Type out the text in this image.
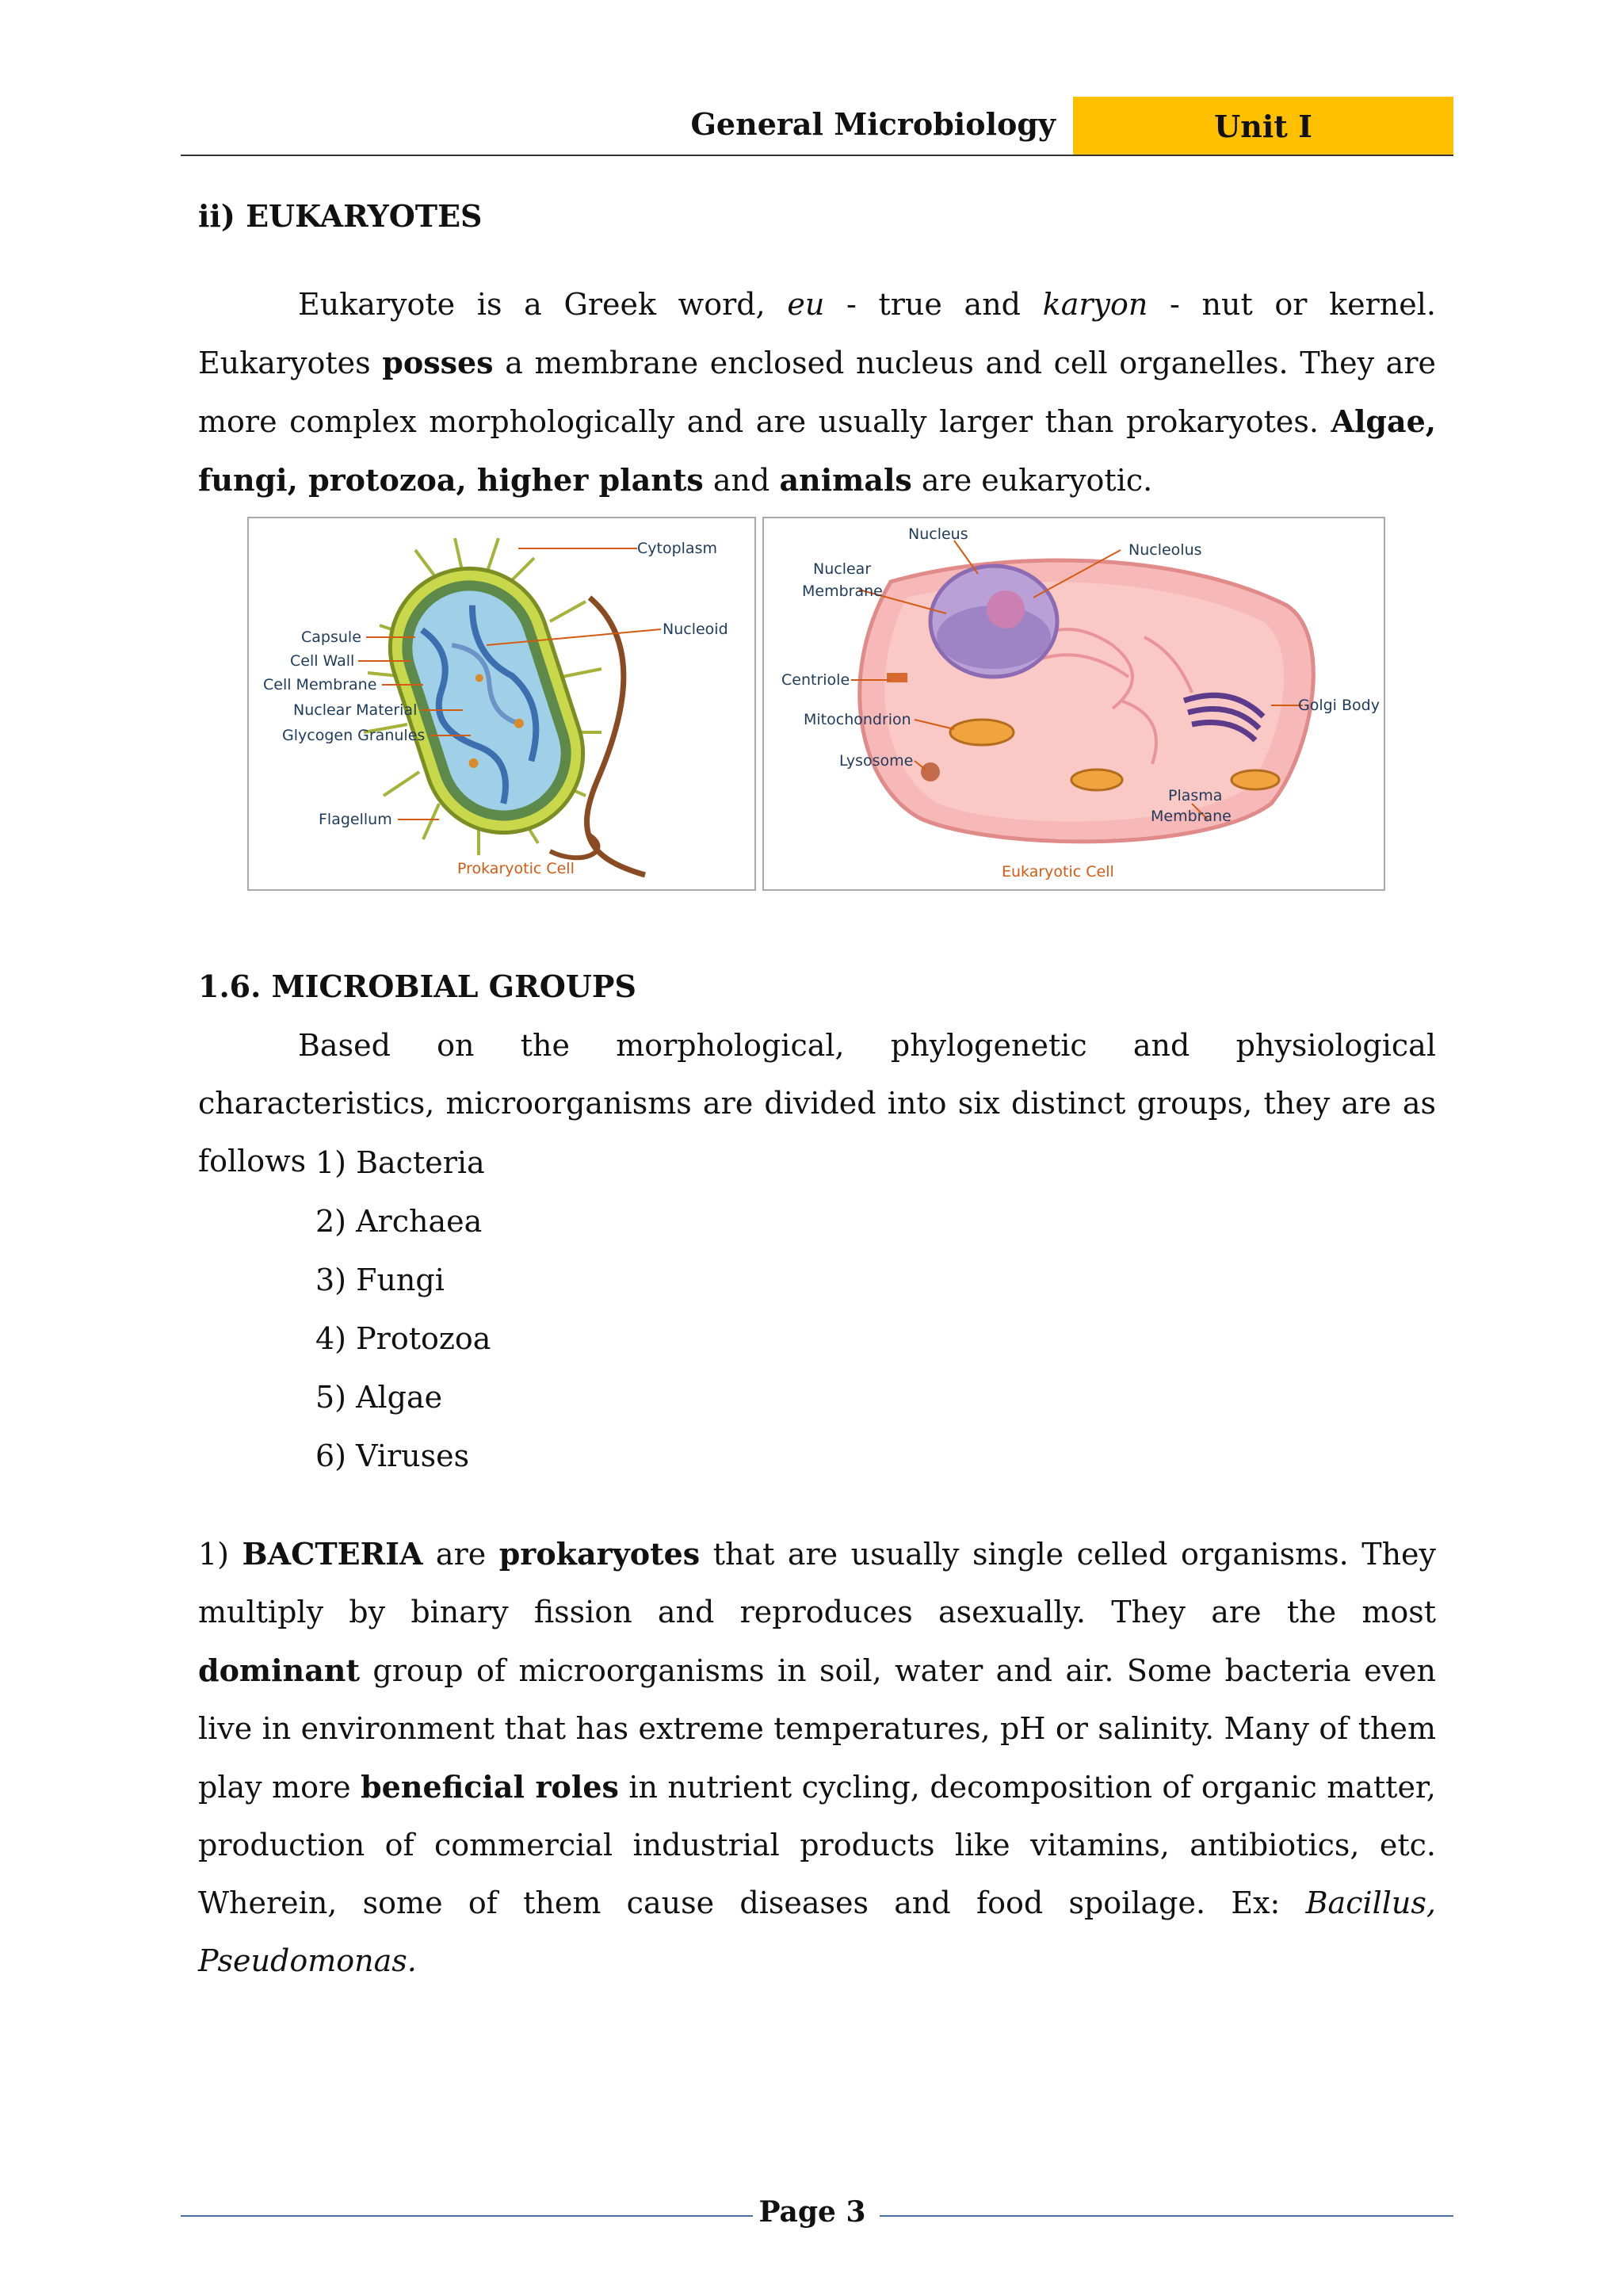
General Microbiology	Unit I
ii) EUKARYOTES
Eukaryote is a Greek word, eu - true and karyon - nut or kernel. Eukaryotes posses a membrane enclosed nucleus and cell organelles. They are more complex morphologically and are usually larger than prokaryotes. Algae, fungi, protozoa, higher plants and animals are eukaryotic.
Cytoplasm
Nucleoid
Capsule
Cell Wall
Cell Membrane
Nuclear Material
Glycogen Granules
Flagellum
Prokaryotic Cell
Nucleus
Nucleolus
Nuclear
Membrane
Centriole
Mitochondrion
Lysosome
Golgi Body
Plasma
Membrane
Eukaryotic Cell
1.6. MICROBIAL GROUPS
Based on the morphological, phylogenetic and physiological characteristics, microorganisms are divided into six distinct groups, they are as follows 1) Bacteria
2) Archaea
3) Fungi
4) Protozoa
5) Algae
6) Viruses
1) BACTERIA are prokaryotes that are usually single celled organisms. They multiply by binary fission and reproduces asexually. They are the most dominant group of microorganisms in soil, water and air. Some bacteria even live in environment that has extreme temperatures, pH or salinity. Many of them play more beneficial roles in nutrient cycling, decomposition of organic matter, production of commercial industrial products like vitamins, antibiotics, etc. Wherein, some of them cause diseases and food spoilage. Ex: Bacillus, Pseudomonas.
Page 3
